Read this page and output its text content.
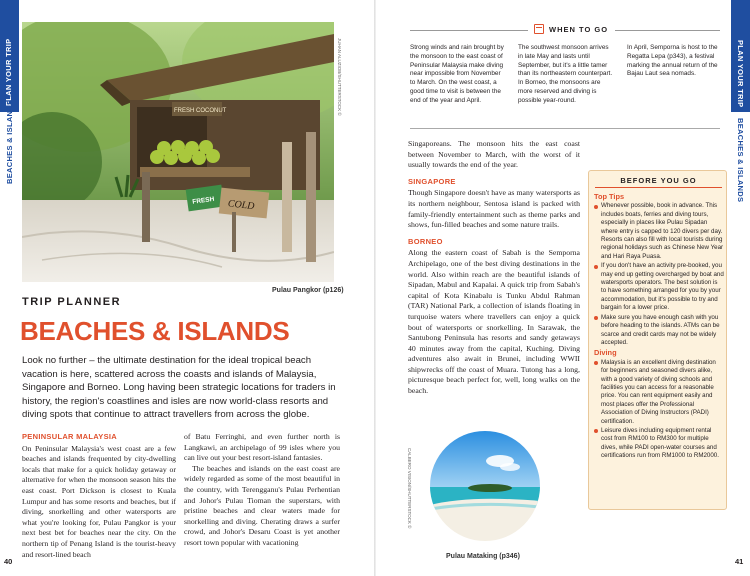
PLAN YOUR TRIP
BEACHES & ISLANDS
PLAN YOUR TRIP
BEACHES & ISLANDS
FRESH COCONUT
FRESH COLD
JUHAN ALUZIOB/SHUTTERSTOCK ©
Pulau Pangkor (p126)
TRIP PLANNER
BEACHES & ISLANDS
Look no further – the ultimate destination for the ideal tropical beach vacation is here, scattered across the coasts and islands of Malaysia, Singapore and Borneo. Long having been strategic locations for traders in history, the region's coastlines and isles are now world-class resorts and diving spots that continue to attract travellers from across the globe.
PENINSULAR MALAYSIA
On Peninsular Malaysia's west coast are a few beaches and islands frequented by city-dwelling locals that make for a quick holiday getaway or alternative for when the monsoon season hits the east coast. Port Dickson is closest to Kuala Lumpur and has some resorts and beaches, but if diving, snorkelling and other watersports are what you're looking for, Pulau Pangkor is your next best bet for beaches near the city. On the northern tip of Penang Island is the tourist-heavy and resort-lined beach

of Batu Ferringhi, and even further north is Langkawi, an archipelago of 99 isles where you can live out your best resort-island fantasies.

The beaches and islands on the east coast are widely regarded as some of the most beautiful in the country, with Terengganu's Pulau Perhentian and Johor's Pulau Tioman the superstars, with pristine beaches and clear waters made for snorkelling and diving. Cherating draws a surfer crowd, and Johor's Desaru Coast is yet another resort town popular with vacationing

40
WHEN TO GO
Strong winds and rain brought by the monsoon to the east coast of Peninsular Malaysia make diving near impossible from November to March. On the west coast, a good time to visit is between the end of the year and April.
The southwest monsoon arrives in late May and lasts until September, but it's a little tamer than its northeastern counterpart. In Borneo, the monsoons are more reserved and diving is possible year-round.
In April, Semporna is host to the Regatta Lepa (p343), a festival marking the annual return of the Bajau Laut sea nomads.

Singaporeans. The monsoon hits the east coast between November to March, with the worst of it usually towards the end of the year.

SINGAPORE

Though Singapore doesn't have as many watersports as its northern neighbour, Sentosa island is packed with family-friendly entertainment such as theme parks and shows, fun-filled beaches and some nature trails.

BORNEO

Along the eastern coast of Sabah is the Semporna Archipelago, one of the best diving destinations in the world. Also within reach are the beautiful islands of Sipadan, Mabul and Kapalai. A quick trip from Sabah's capital of Kota Kinabalu is Tunku Abdul Rahman (TAR) National Park, a collection of islands floating in turquoise waters where travellers can enjoy a quick bout of watersports or snorkelling. In Sarawak, the Santubong Peninsula has resorts and sandy getaways 40 minutes away from the capital, Kuching. Diving adventures also await in Brunei, including WWII shipwrecks off the coast of Muara. Tutong has a long, picturesque beach perfect for, well, long walks on the beach.

CALBERO VISION/SHUTTERSTOCK ©
Pulau Mataking (p346)
BEFORE YOU GO
Top Tips
Whenever possible, book in advance. This includes boats, ferries and diving tours, especially in places like Pulau Sipadan where entry is capped to 120 divers per day. Resorts can also fill with local tourists during regional holidays such as Chinese New Year and Hari Raya Puasa.
If you don't have an activity pre-booked, you may end up getting overcharged by boat and watersports operators. The best solution is to have something arranged for you by your accommodation, but it's possible to try and bargain for a lower price.
Make sure you have enough cash with you before heading to the islands. ATMs can be scarce and credit cards may not be widely accepted.
Diving
Malaysia is an excellent diving destination for beginners and seasoned divers alike, with a good variety of diving schools and facilities you can access for a reasonable price. You can rent equipment easily and most places offer the Professional Association of Diving Instructors (PADI) certification.
Leisure dives including equipment rental cost from RM100 to RM300 for multiple dives, while PADI open-water courses and certifications run from RM1000 to RM2000.
41
